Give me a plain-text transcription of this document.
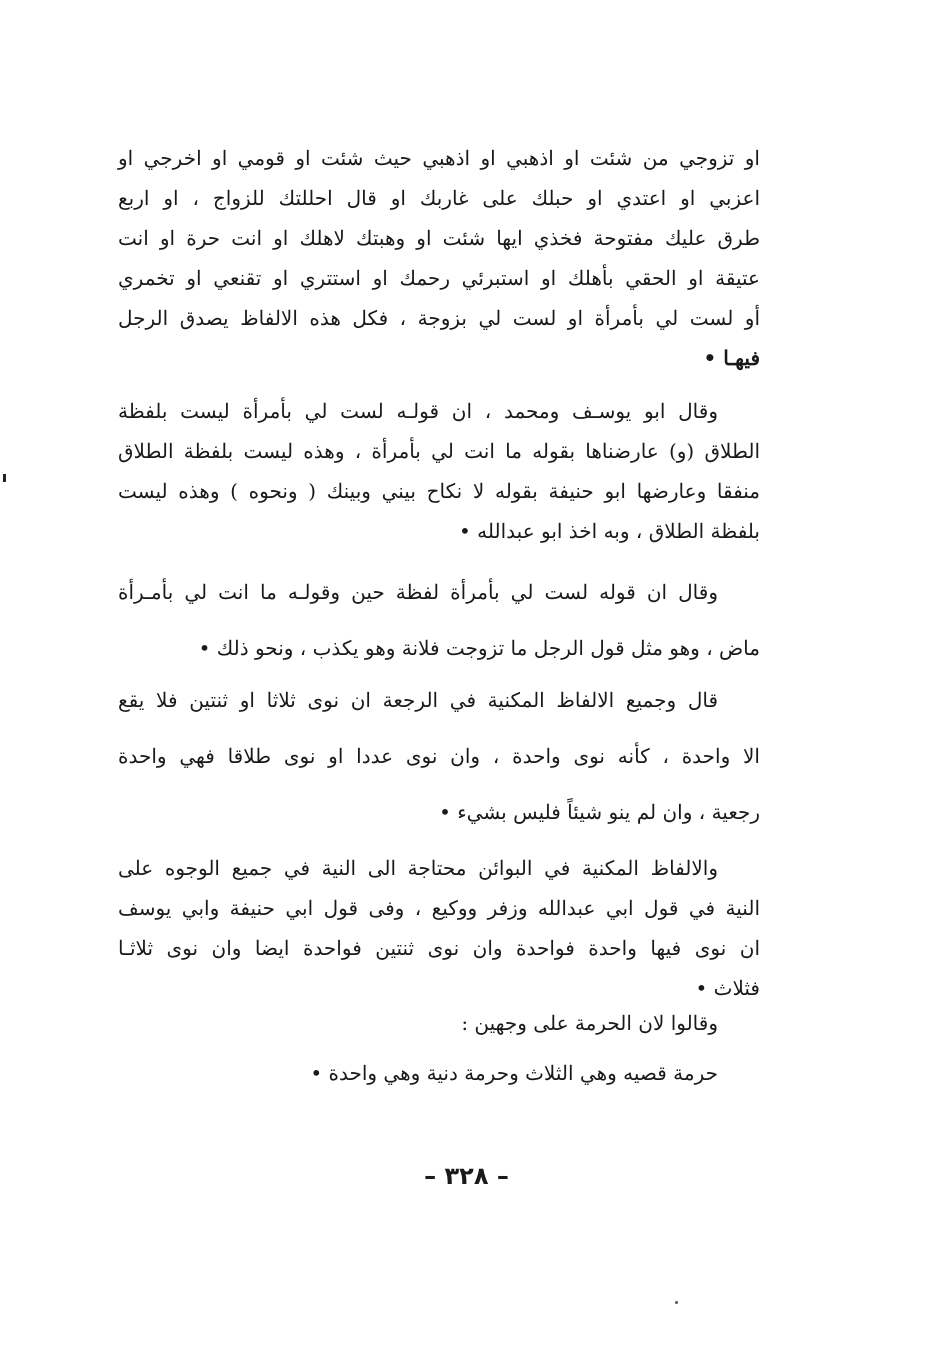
او تزوجي من شئت او اذهبي او اذهبي حيث شئت او قومي او اخرجي او
اعزبي او اعتدي او حبلك على غاربك او قال احللتك للزواج ، او اربع
طرق عليك مفتوحة فخذي ايها شئت او وهبتك لاهلك او انت حرة او انت
عتيقة او الحقي بأهلك او استبرئي رحمك او استتري او تقنعي او تخمري
أو لست لي بأمرأة او لست لي بزوجة ، فكل هذه الالفاظ يصدق الرجل
فيهـا •
وقال ابو يوسـف ومحمد ، ان قولـه لست لي بأمرأة ليست بلفظة
الطلاق (و) عارضناها بقوله ما انت لي بأمرأة ، وهذه ليست بلفظة الطلاق
منفقا وعارضها ابو حنيفة بقوله لا نكاح بيني وبينك ( ونحوه ) وهذه ليست
بلفظة الطلاق ، وبه اخذ ابو عبدالله •
وقال ان قوله لست لي بأمرأة لفظة حين وقولـه ما انت لي بأمـرأة
ماض ، وهو مثل قول الرجل ما تزوجت فلانة وهو يكذب ، ونحو ذلك •
قال وجميع الالفاظ المكنية في الرجعة ان نوى ثلاثا او ثنتين فلا يقع
الا واحدة ، كأنه نوى واحدة ، وان نوى عددا او نوى طلاقا فهي واحدة
رجعية ، وان لم ينو شيئاً فليس بشيء •
والالفاظ المكنية في البوائن محتاجة الى النية في جميع الوجوه على
النية في قول ابي عبدالله وزفر ووكيع ، وفى قول ابي حنيفة وابي يوسف
ان نوى فيها واحدة فواحدة وان نوى ثنتين فواحدة ايضا وان نوى ثلاثـا
فثلاث •
وقالوا لان الحرمة على وجهين :
حرمة قصيه وهي الثلاث وحرمة دنية وهي واحدة •
– ٣٢٨ –
